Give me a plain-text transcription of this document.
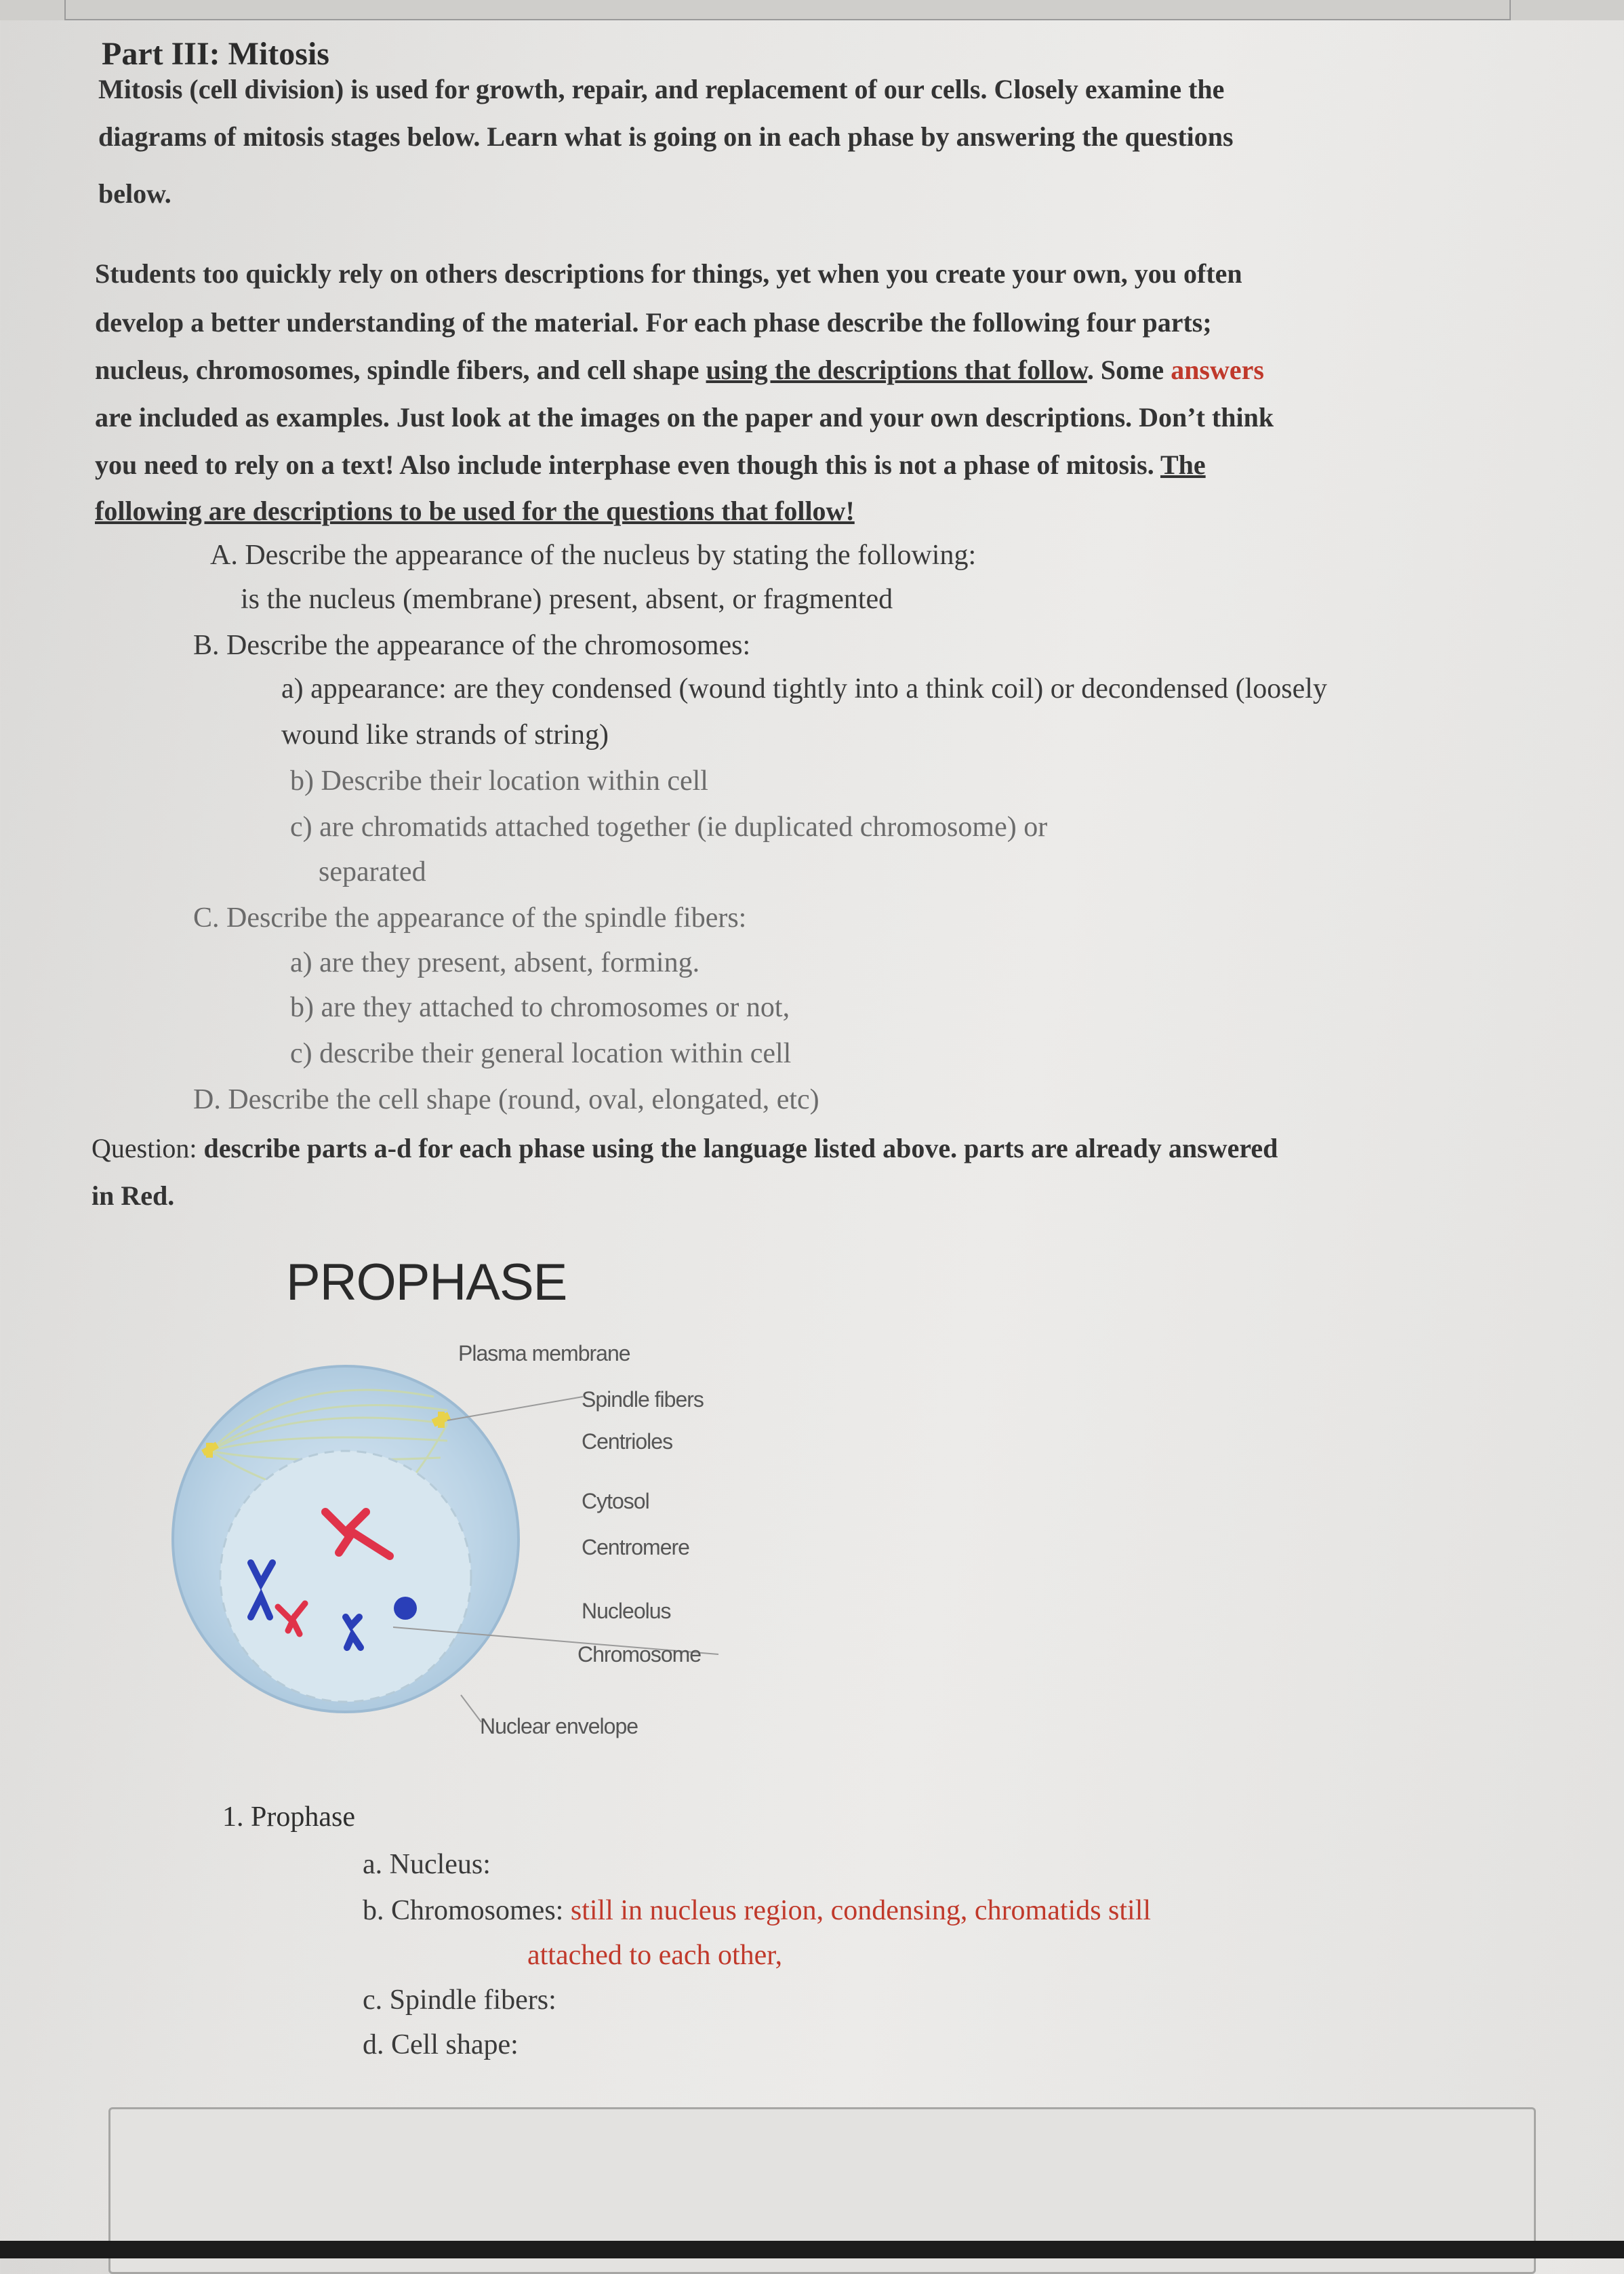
Part III: Mitosis

Mitosis (cell division) is used for growth, repair, and replacement of our cells. Closely examine the

diagrams of mitosis stages below. Learn what is going on in each phase by answering the questions

below.

Students too quickly rely on others descriptions for things, yet when you create your own, you often

develop a better understanding of the material. For each phase describe the following four parts;

nucleus, chromosomes, spindle fibers, and cell shape using the descriptions that follow. Some answers

are included as examples. Just look at the images on the paper and your own descriptions. Don’t think

you need to rely on a text! Also include interphase even though this is not a phase of mitosis. The

following are descriptions to be used for the questions that follow!

A. Describe the appearance of the nucleus by stating the following:

is the nucleus (membrane) present, absent, or fragmented

B. Describe the appearance of the chromosomes:

a) appearance: are they condensed (wound tightly into a think coil) or decondensed (loosely

wound like strands of string)

b) Describe their location within cell

c) are chromatids attached together (ie duplicated chromosome) or

separated

C. Describe the appearance of the spindle fibers:

a) are they present, absent, forming.

b) are they attached to chromosomes or not,

c) describe their general location within cell

D. Describe the cell shape (round, oval, elongated, etc)

Question: describe parts a-d for each phase using the language listed above. parts are already answered

in Red.

PROPHASE

Plasma membrane

Spindle fibers

Centrioles

Cytosol

Centromere

Nucleolus

Chromosome

Nuclear envelope

1. Prophase

a. Nucleus:

b. Chromosomes: still in nucleus region, condensing, chromatids still

attached to each other,

c. Spindle fibers:

d. Cell shape:
